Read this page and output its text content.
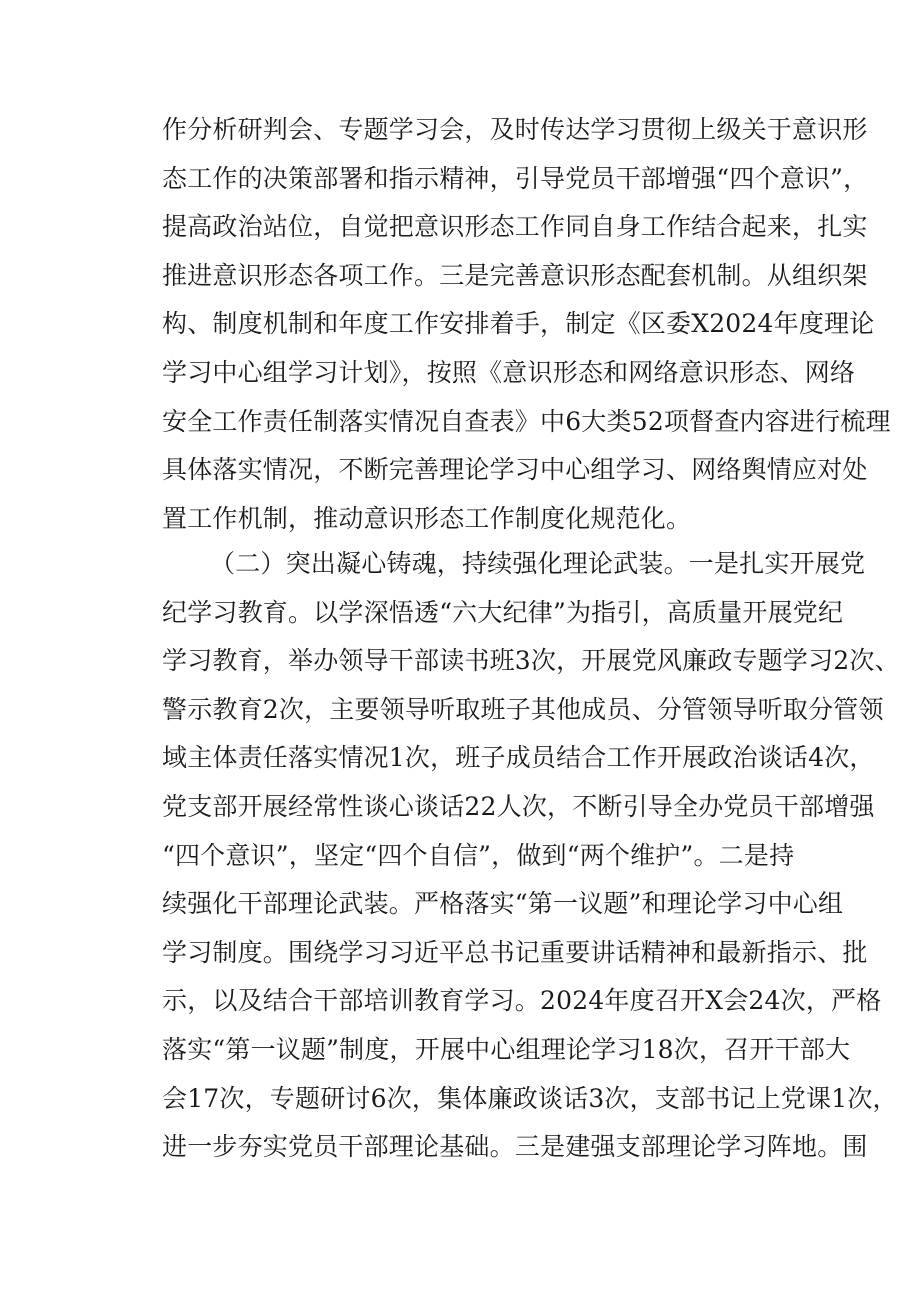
作分析研判会、专题学习会，及时传达学习贯彻上级关于意识形
态工作的决策部署和指示精神，引导党员干部增强“四个意识”，
提高政治站位，自觉把意识形态工作同自身工作结合起来，扎实
推进意识形态各项工作。三是完善意识形态配套机制。从组织架
构、制度机制和年度工作安排着手，制定《区委X2024年度理论
学习中心组学习计划》，按照《意识形态和网络意识形态、网络
安全工作责任制落实情况自查表》中6大类52项督查内容进行梳理
具体落实情况，不断完善理论学习中心组学习、网络舆情应对处
置工作机制，推动意识形态工作制度化规范化。
（二）突出凝心铸魂，持续强化理论武装。一是扎实开展党
纪学习教育。以学深悟透“六大纪律”为指引，高质量开展党纪
学习教育，举办领导干部读书班3次，开展党风廉政专题学习2次、
警示教育2次，主要领导听取班子其他成员、分管领导听取分管领
域主体责任落实情况1次，班子成员结合工作开展政治谈话4次，
党支部开展经常性谈心谈话22人次，不断引导全办党员干部增强
“四个意识”，坚定“四个自信”，做到“两个维护”。二是持
续强化干部理论武装。严格落实“第一议题”和理论学习中心组
学习制度。围绕学习习近平总书记重要讲话精神和最新指示、批
示，以及结合干部培训教育学习。2024年度召开X会24次，严格
落实“第一议题”制度，开展中心组理论学习18次，召开干部大
会17次，专题研讨6次，集体廉政谈话3次，支部书记上党课1次，
进一步夯实党员干部理论基础。三是建强支部理论学习阵地。围
